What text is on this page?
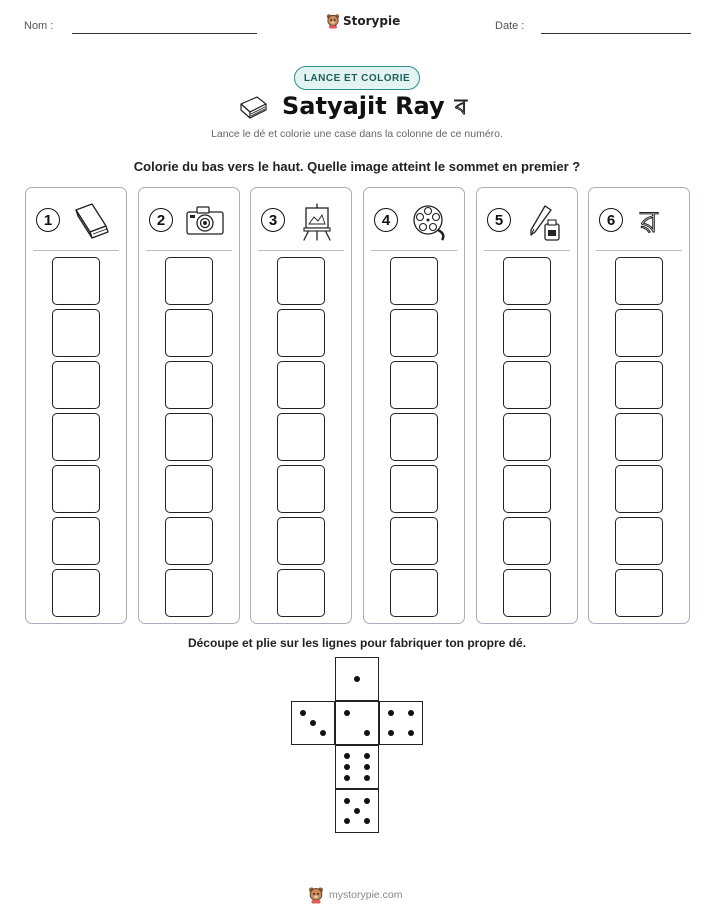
Nom :	Storypie	Date :
LANCE ET COLORIE
Satyajit Ray ব
Lance le dé et colorie une case dans la colonne de ce numéro.
Colorie du bas vers le haut. Quelle image atteint le sommet en premier ?
1	2	3	4	5	6 ৱ
Découpe et plie sur les lignes pour fabriquer ton propre dé.
mystorypie.com
